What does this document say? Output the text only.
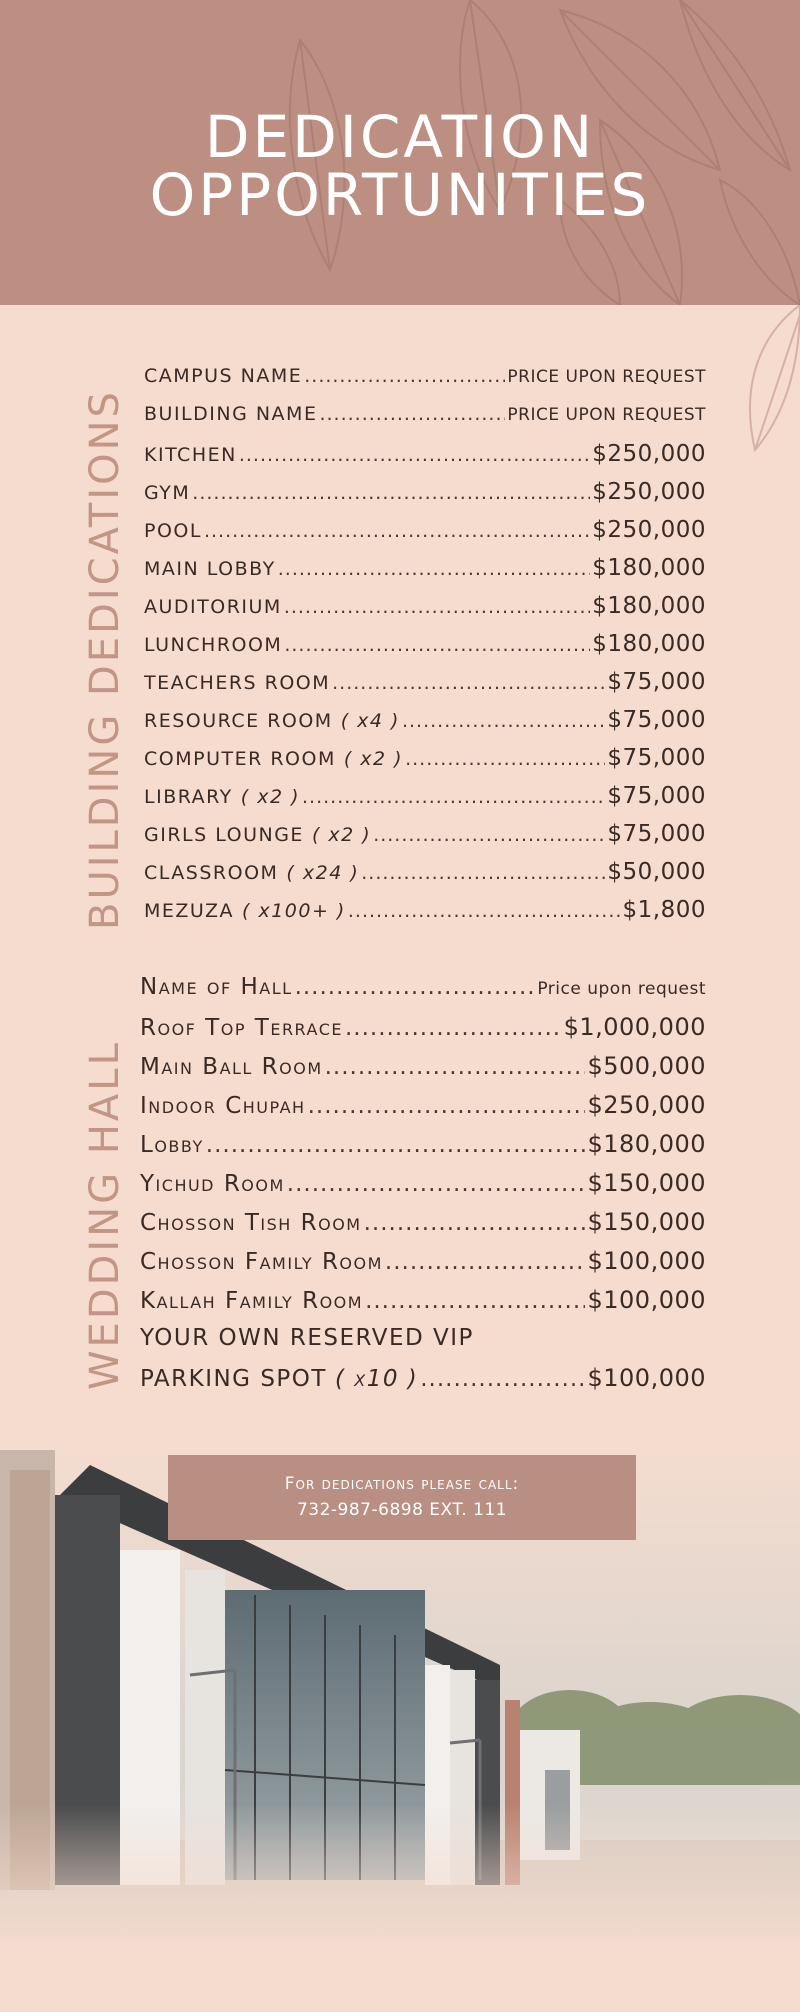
DEDICATION
OPPORTUNITIES
BUILDING DEDICATIONS
CAMPUS NAME .....	PRICE UPON REQUEST
BUILDING NAME .....	PRICE UPON REQUEST
KITCHEN .....	$250,000
GYM .....	$250,000
POOL .....	$250,000
MAIN LOBBY .....	$180,000
AUDITORIUM .....	$180,000
LUNCHROOM .....	$180,000
TEACHERS ROOM .....	$75,000
RESOURCE ROOM ( x4 ) .....	$75,000
COMPUTER ROOM ( x2 ) .....	$75,000
LIBRARY ( x2 ) .....	$75,000
GIRLS LOUNGE ( x2 ) .....	$75,000
CLASSROOM ( x24 ) .....	$50,000
MEZUZA ( x100+ ) .....	$1,800
WEDDING HALL
Name of Hall .....	Price upon request
Roof Top Terrace .....	$1,000,000
Main Ball Room .....	$500,000
Indoor Chupah .....	$250,000
Lobby .....	$180,000
Yichud Room .....	$150,000
Chosson Tish Room .....	$150,000
Chosson Family Room .....	$100,000
Kallah Family Room .....	$100,000
YOUR OWN RESERVED VIP
PARKING SPOT ( x10 ) .....	$100,000
For dedications please call:
732-987-6898 EXT. 111
